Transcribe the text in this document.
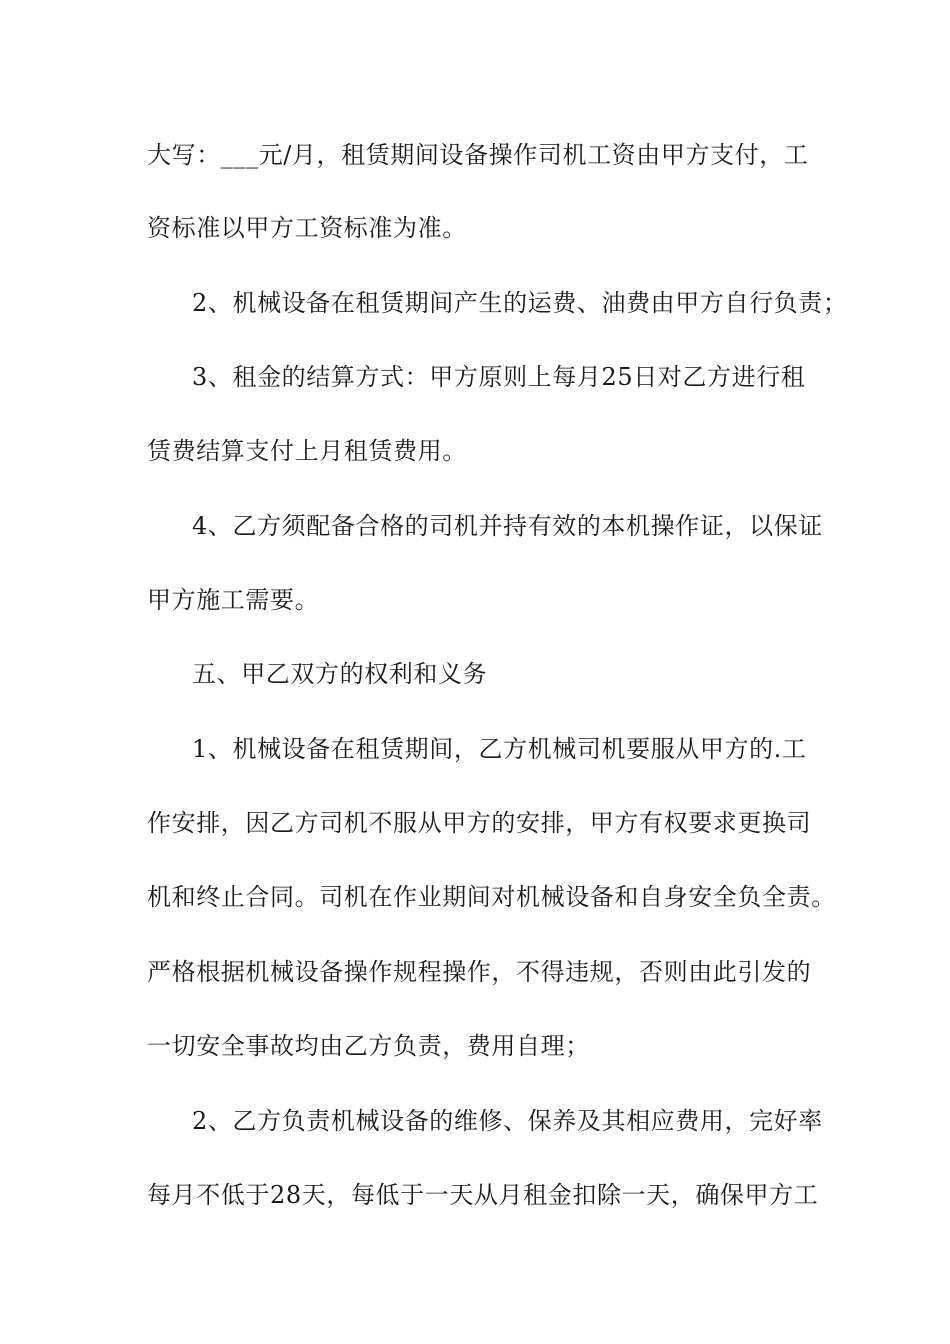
大写：___元/月，租赁期间设备操作司机工资由甲方支付，工
资标准以甲方工资标准为准。
2、机械设备在租赁期间产生的运费、油费由甲方自行负责；
3、租金的结算方式：甲方原则上每月25日对乙方进行租
赁费结算支付上月租赁费用。
4、乙方须配备合格的司机并持有效的本机操作证，以保证
甲方施工需要。
五、甲乙双方的权利和义务
1、机械设备在租赁期间，乙方机械司机要服从甲方的.工
作安排，因乙方司机不服从甲方的安排，甲方有权要求更换司
机和终止合同。司机在作业期间对机械设备和自身安全负全责。
严格根据机械设备操作规程操作，不得违规，否则由此引发的
一切安全事故均由乙方负责，费用自理；
2、乙方负责机械设备的维修、保养及其相应费用，完好率
每月不低于28天，每低于一天从月租金扣除一天，确保甲方工
